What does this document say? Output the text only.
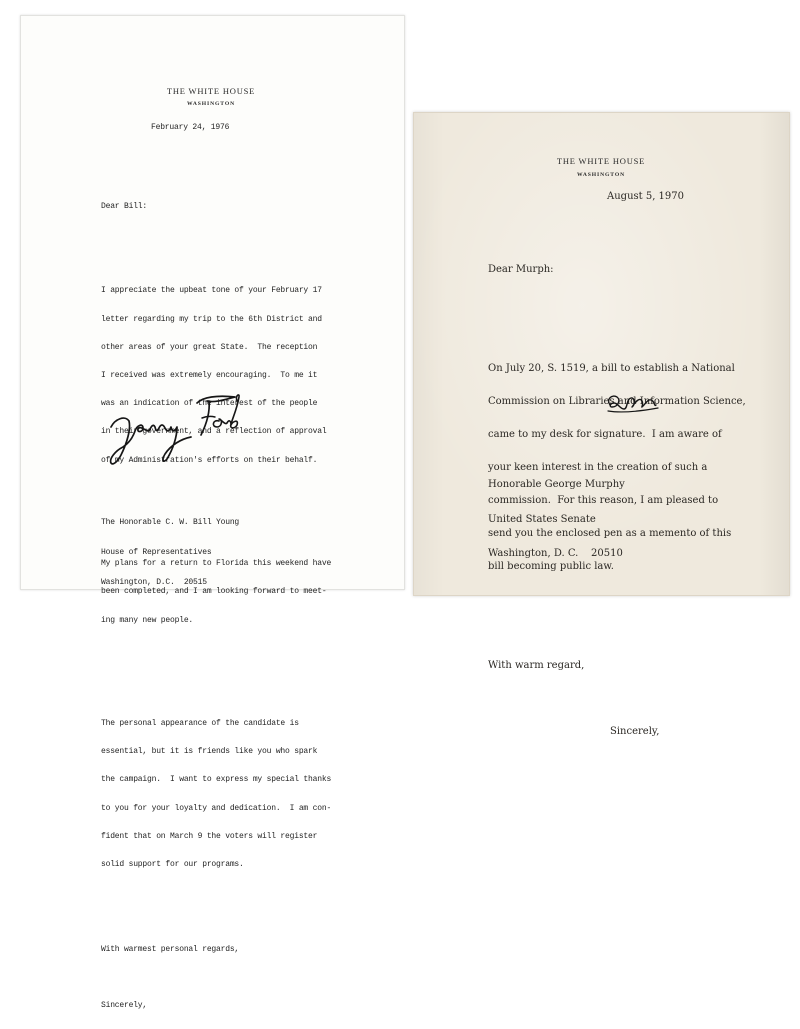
THE WHITE HOUSE
WASHINGTON
February 24, 1976

Dear Bill:

I appreciate the upbeat tone of your February 17

letter regarding my trip to the 6th District and

other areas of your great State.  The reception

I received was extremely encouraging.  To me it

was an indication of the interest of the people

in their government, and a reflection of approval

of my Administration's efforts on their behalf.

My plans for a return to Florida this weekend have

been completed, and I am looking forward to meet-

ing many new people.

The personal appearance of the candidate is

essential, but it is friends like you who spark

the campaign.  I want to express my special thanks

to you for your loyalty and dedication.  I am con-

fident that on March 9 the voters will register

solid support for our programs.

With warmest personal regards,

Sincerely,

The Honorable C. W. Bill Young

House of Representatives

Washington, D.C.  20515

THE WHITE HOUSE
WASHINGTON
August 5, 1970

Dear Murph:

On July 20, S. 1519, a bill to establish a National

Commission on Libraries and Information Science,

came to my desk for signature.  I am aware of

your keen interest in the creation of such a

commission.  For this reason, I am pleased to

send you the enclosed pen as a memento of this

bill becoming public law.

With warm regard,

Sincerely,

Honorable George Murphy

United States Senate

Washington, D. C.    20510
